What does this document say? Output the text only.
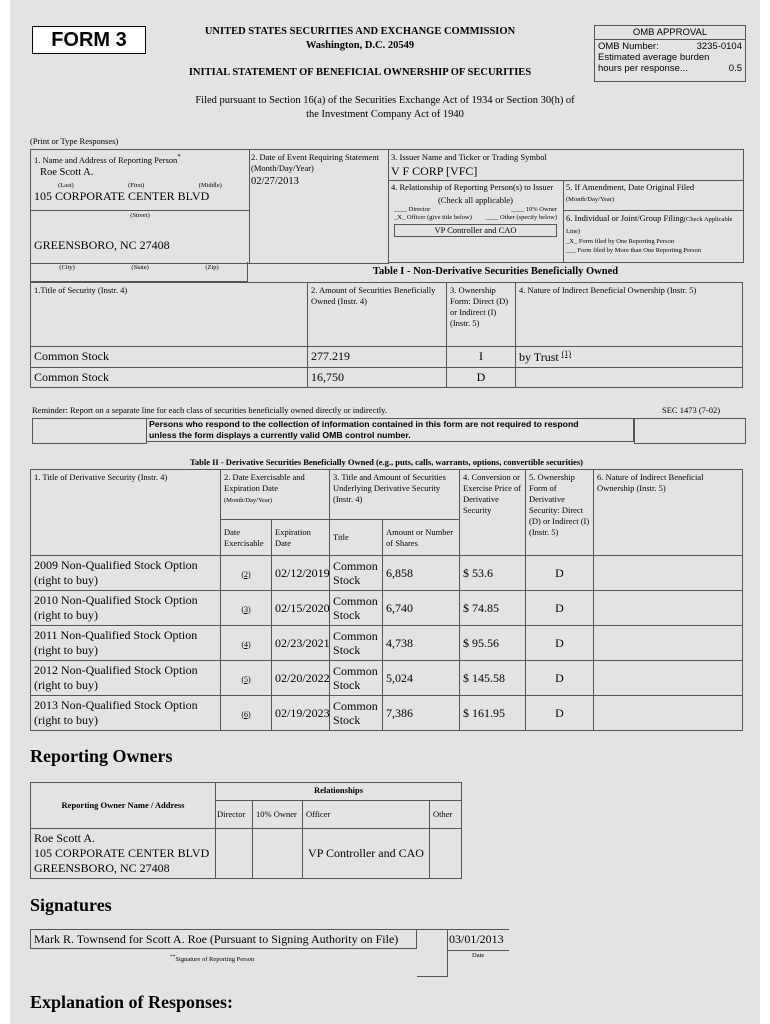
FORM 3	UNITED STATES SECURITIES AND EXCHANGE COMMISSION
Washington, D.C. 20549
INITIAL STATEMENT OF BENEFICIAL OWNERSHIP OF SECURITIES
OMB APPROVAL
OMB Number:	3235-0104
Estimated average burden
hours per response...	0.5
Filed pursuant to Section 16(a) of the Securities Exchange Act of 1934 or Section 30(h) of
the Investment Company Act of 1940
(Print or Type Responses)
1. Name and Address of Reporting Person*
Roe Scott A.
(Last)	(First)	(Middle)
105 CORPORATE CENTER BLVD
(Street)
GREENSBORO, NC 27408
(City)	(State)	(Zip)
2. Date of Event Requiring Statement (Month/Day/Year)
02/27/2013
3. Issuer Name and Ticker or Trading Symbol
V F CORP [VFC]
4. Relationship of Reporting Person(s) to Issuer
(Check all applicable)
____ Director	____ 10% Owner
_X_ Officer (give title below) ____ Other (specify below)
VP Controller and CAO
5. If Amendment, Date Original Filed (Month/Day/Year)
6. Individual or Joint/Group Filing(Check Applicable Line)
_X_ Form filed by One Reporting Person
___ Form filed by More than One Reporting Person
Table I - Non-Derivative Securities Beneficially Owned
1.Title of Security (Instr. 4)	2. Amount of Securities Beneficially Owned (Instr. 4)	3. Ownership Form: Direct (D) or Indirect (I) (Instr. 5)	4. Nature of Indirect Beneficial Ownership (Instr. 5)
Common Stock	277.219	I	by Trust $^{(1)}$
Common Stock	16,750	D	
Reminder: Report on a separate line for each class of securities beneficially owned directly or indirectly.	SEC 1473 (7-02)
Persons who respond to the collection of information contained in this form are not required to respond
unless the form displays a currently valid OMB control number.
Table II - Derivative Securities Beneficially Owned (e.g., puts, calls, warrants, options, convertible securities)
1. Title of Derivative Security (Instr. 4)	2. Date Exercisable and Expiration Date
(Month/Day/Year)		3. Title and Amount of Securities Underlying Derivative Security (Instr. 4)		4. Conversion or Exercise Price of Derivative Security	5. Ownership Form of Derivative Security: Direct (D) or Indirect (I) (Instr. 5)	6. Nature of Indirect Beneficial Ownership (Instr. 5)
	Date Exercisable	Expiration Date	Title	Amount or Number of Shares			
2009 Non-Qualified Stock Option (right to buy)	(2)	02/12/2019	Common Stock	6,858	$ 53.6	D	
2010 Non-Qualified Stock Option (right to buy)	(3)	02/15/2020	Common Stock	6,740	$ 74.85	D	
2011 Non-Qualified Stock Option (right to buy)	(4)	02/23/2021	Common Stock	4,738	$ 95.56	D	
2012 Non-Qualified Stock Option (right to buy)	(5)	02/20/2022	Common Stock	5,024	$ 145.58	D	
2013 Non-Qualified Stock Option (right to buy)	(6)	02/19/2023	Common Stock	7,386	$ 161.95	D	
Reporting Owners
Reporting Owner Name / Address	Relationships			
	Director	10% Owner	Officer	Other

Roe Scott A.
105 CORPORATE CENTER BLVD
GREENSBORO, NC 27408			VP Controller and CAO	
Signatures
Mark R. Townsend for Scott A. Roe (Pursuant to Signing Authority on File)	03/01/2013
**Signature of Reporting Person
Date
Explanation of Responses:
